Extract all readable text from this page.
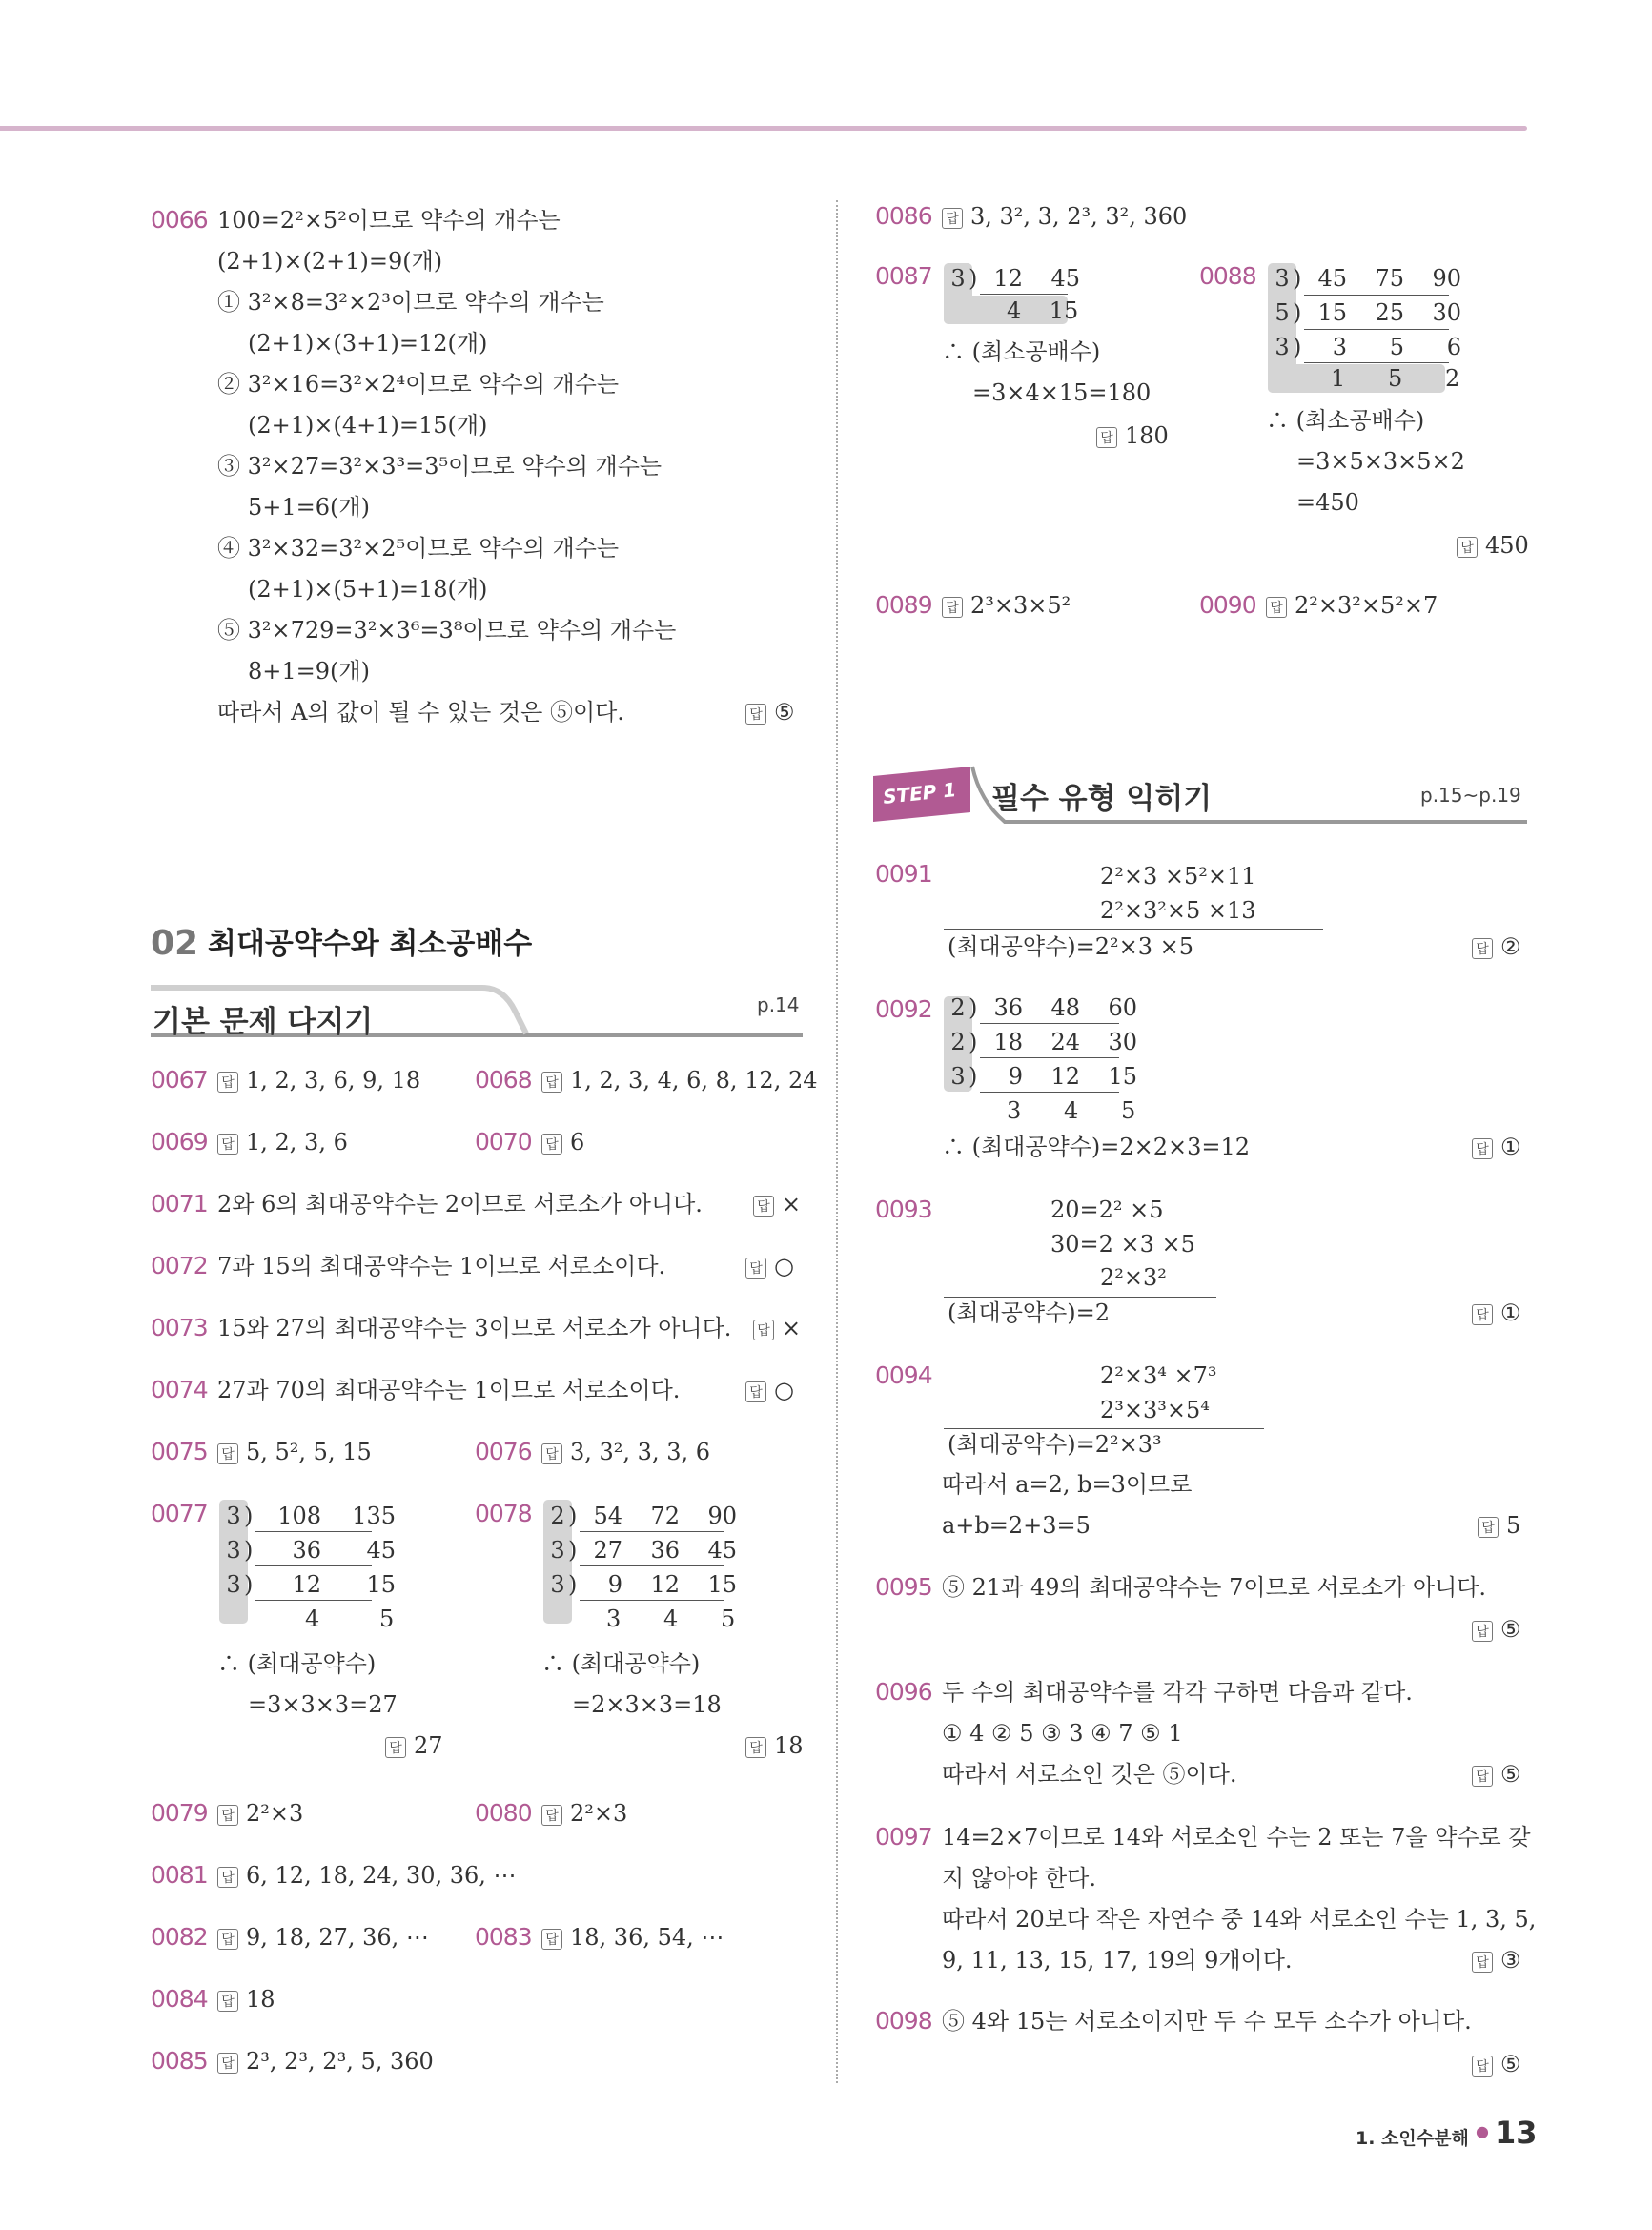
0066 100=2²×5²이므로 약수의 개수는
(2+1)×(2+1)=9(개)
① 3²×8=3²×2³이므로 약수의 개수는
(2+1)×(3+1)=12(개)
② 3²×16=3²×2⁴이므로 약수의 개수는
(2+1)×(4+1)=15(개)
③ 3²×27=3²×3³=3⁵이므로 약수의 개수는
5+1=6(개)
④ 3²×32=3²×2⁵이므로 약수의 개수는
(2+1)×(5+1)=18(개)
⑤ 3²×729=3²×3⁶=3⁸이므로 약수의 개수는
8+1=9(개)
따라서 A의 값이 될 수 있는 것은 ⑤이다.	답 ⑤
02 최대공약수와 최소공배수
기본 문제 다지기	p.14
0067	답 1, 2, 3, 6, 9, 18 0068	답 1, 2, 3, 4, 6, 8, 12, 24
0069	답 1, 2, 3, 6	0070	답 6
0071 2와 6의 최대공약수는 2이므로 서로소가 아니다.	답 ×
0072 7과 15의 최대공약수는 1이므로 서로소이다.	답 ○
0073 15와 27의 최대공약수는 3이므로 서로소가 아니다.	답 ×
0074 27과 70의 최대공약수는 1이므로 서로소이다.	답 ○
0075	답 5, 5², 5, 15	0076	답 3, 3², 3, 3, 6
0077 3 ) 108 135
3 ) 36 45
3 ) 12 15
4	5
∴ (최대공약수)
=3×3×3=27
답 27
0078 2 ) 54 72 90
3 ) 27 36 45
3 ) 9 12 15
3 4 5
∴ (최대공약수)
=2×3×3=18
답 18
0079	답 2²×3	0080	답 2²×3
0081	답 6, 12, 18, 24, 30, 36, ⋯
0082	답 9, 18, 27, 36, ⋯ 0083	답 18, 36, 54, ⋯
0084	답 18
0085	답 2³, 2³, 2³, 5, 360
0086	답 3, 3², 3, 2³, 3², 360
0087 3 ) 12 45
4 15
∴ (최소공배수)
=3×4×15=180
답 180
0088 3 ) 45 75 90
5 ) 15 25 30
3 ) 3 5 6
1 5 2
∴ (최소공배수)
=3×5×3×5×2
=450
답 450
0089	답 2³×3×5²	0090	답 2²×3²×5²×7
STEP 1 필수 유형 익히기	p.15~p.19
0091	2²×3 ×5²×11
2²×3²×5 ×13
(최대공약수)=2²×3 ×5	답 ②
0092 2 ) 36 48 60
2 ) 18 24 30
3 ) 9 12 15
3 4 5
∴ (최대공약수)=2×2×3=12	답 ①
0093	20=2² ×5
30=2 ×3 ×5
2²×3²
(최대공약수)=2	답 ①
0094	2²×3⁴ ×7³
2³×3³×5⁴
(최대공약수)=2²×3³
따라서 a=2, b=3이므로
a+b=2+3=5	답 5
0095 ⑤ 21과 49의 최대공약수는 7이므로 서로소가 아니다.
답 ⑤
0096 두 수의 최대공약수를 각각 구하면 다음과 같다.
① 4 ② 5 ③ 3 ④ 7 ⑤ 1
따라서 서로소인 것은 ⑤이다.	답 ⑤
0097 14=2×7이므로 14와 서로소인 수는 2 또는 7을 약수로 갖
지 않아야 한다.
따라서 20보다 작은 자연수 중 14와 서로소인 수는 1, 3, 5,
9, 11, 13, 15, 17, 19의 9개이다.	답 ③
0098 ⑤ 4와 15는 서로소이지만 두 수 모두 소수가 아니다.
답 ⑤
1. 소인수분해 ● 13
